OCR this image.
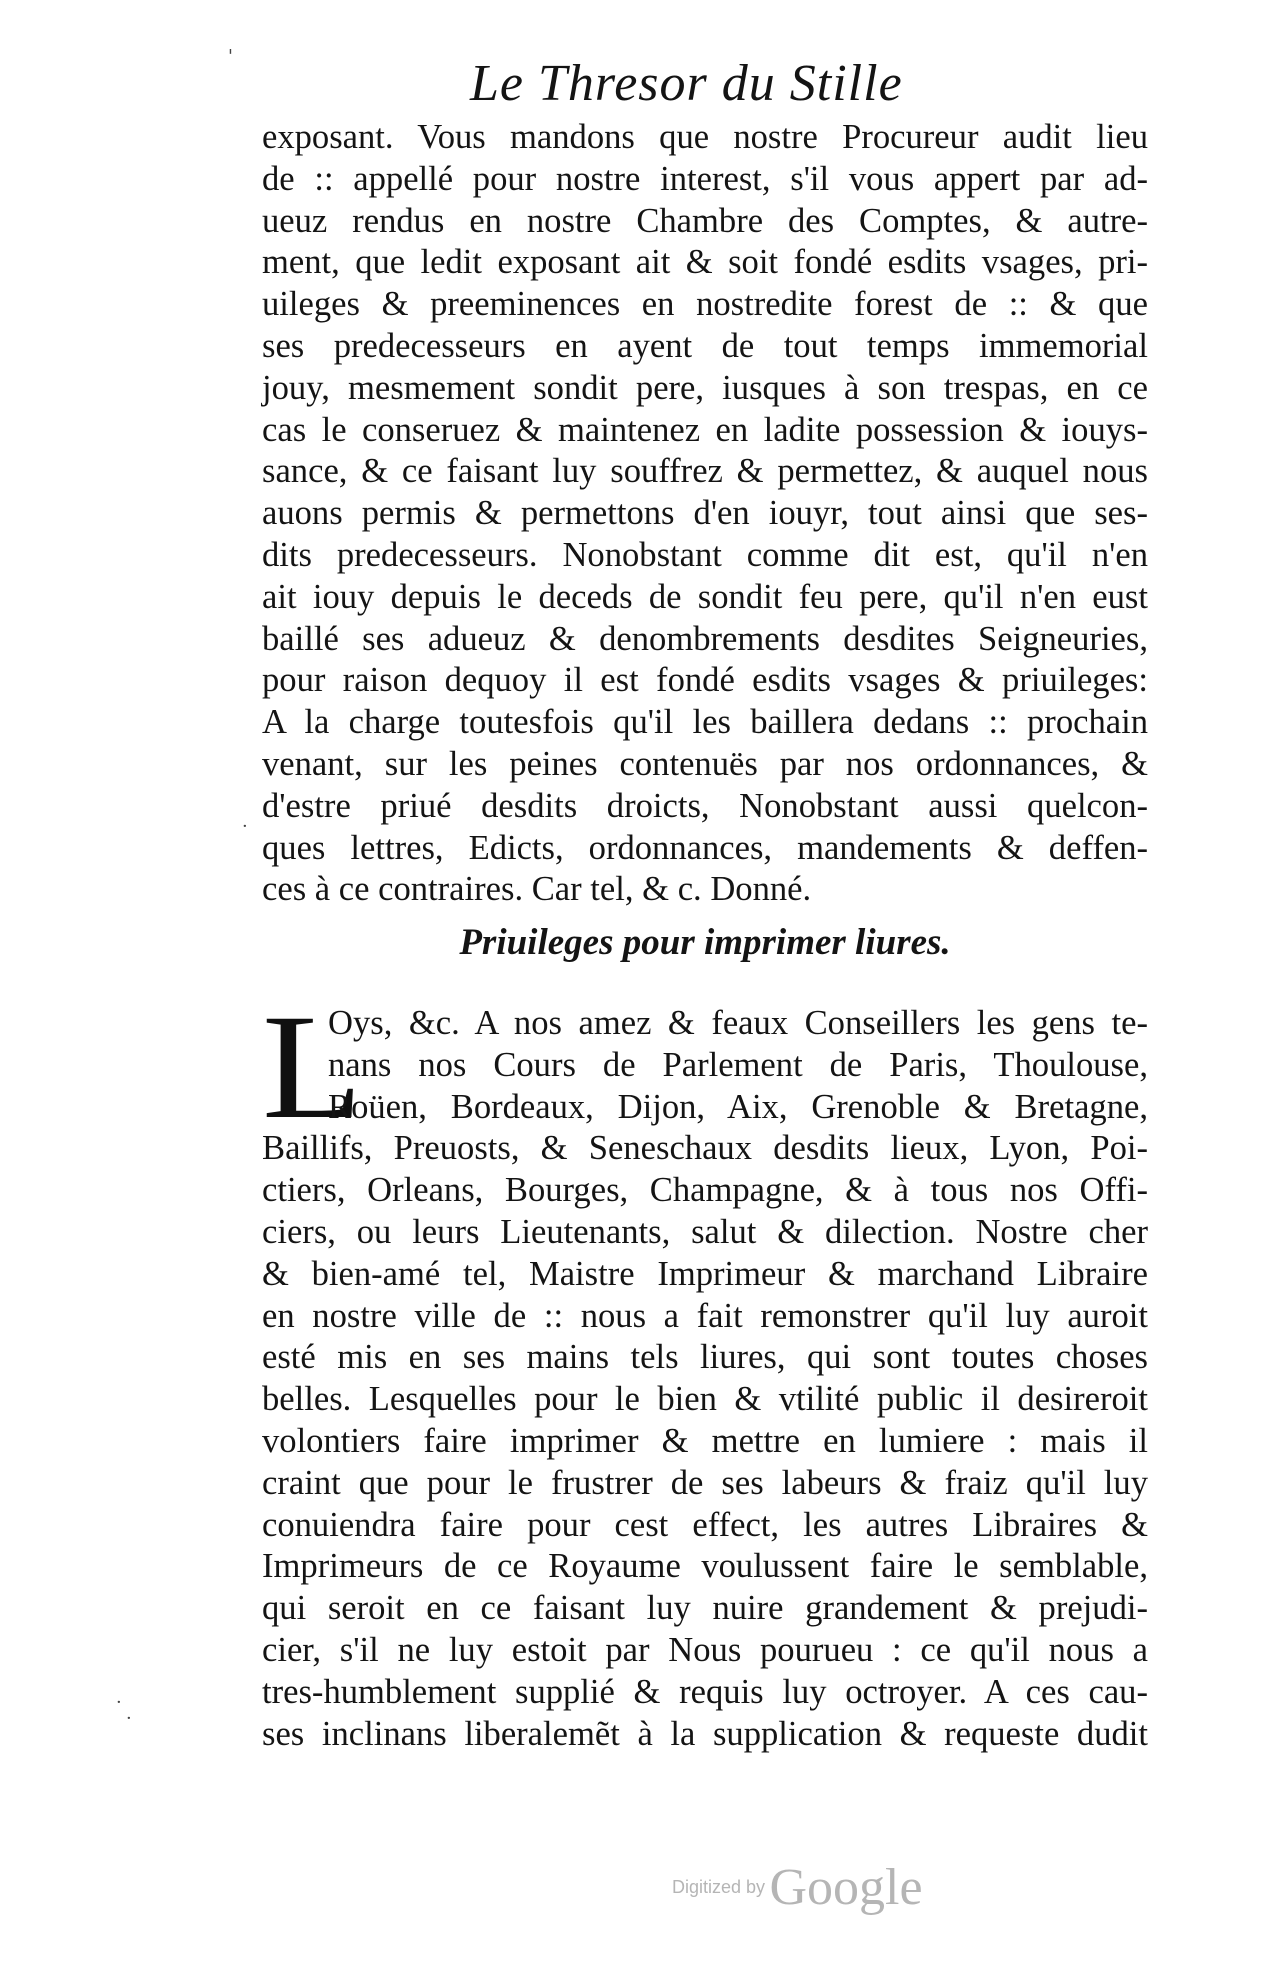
Le Thresor du Stille
exposant. Vous mandons que nostre Procureur audit lieu
de :: appellé pour nostre interest, s'il vous appert par ad-
ueuz rendus en nostre Chambre des Comptes, & autre-
ment, que ledit exposant ait & soit fondé esdits vsages, pri-
uileges & preeminences en nostredite forest de :: & que
ses predecesseurs en ayent de tout temps immemorial
jouy, mesmement sondit pere, iusques à son trespas, en ce
cas le conseruez & maintenez en ladite possession & iouys-
sance, & ce faisant luy souffrez & permettez, & auquel nous
auons permis & permettons d'en iouyr, tout ainsi que ses-
dits predecesseurs. Nonobstant comme dit est, qu'il n'en
ait iouy depuis le deceds de sondit feu pere, qu'il n'en eust
baillé ses adueuz & denombrements desdites Seigneuries,
pour raison dequoy il est fondé esdits vsages & priuileges:
A la charge toutesfois qu'il les baillera dedans :: prochain
venant, sur les peines contenuës par nos ordonnances, &
d'estre priué desdits droicts, Nonobstant aussi quelcon-
ques lettres, Edicts, ordonnances, mandements & deffen-
ces à ce contraires. Car tel, & c. Donné.
Priuileges pour imprimer liures.
L
Oys, &c. A nos amez & feaux Conseillers les gens te-
nans nos Cours de Parlement de Paris, Thoulouse,
Roüen, Bordeaux, Dijon, Aix, Grenoble & Bretagne,
Baillifs, Preuosts, & Seneschaux desdits lieux, Lyon, Poi-
ctiers, Orleans, Bourges, Champagne, & à tous nos Offi-
ciers, ou leurs Lieutenants, salut & dilection. Nostre cher
& bien-amé tel, Maistre Imprimeur & marchand Libraire
en nostre ville de :: nous a fait remonstrer qu'il luy auroit
esté mis en ses mains tels liures, qui sont toutes choses
belles. Lesquelles pour le bien & vtilité public il desireroit
volontiers faire imprimer & mettre en lumiere : mais il
craint que pour le frustrer de ses labeurs & fraiz qu'il luy
conuiendra faire pour cest effect, les autres Libraires &
Imprimeurs de ce Royaume voulussent faire le semblable,
qui seroit en ce faisant luy nuire grandement & prejudi-
cier, s'il ne luy estoit par Nous pourueu : ce qu'il nous a
tres-humblement supplié & requis luy octroyer. A ces cau-
ses inclinans liberalemẽt à la supplication & requeste dudit
'
·
·
·
Digitized by Google
